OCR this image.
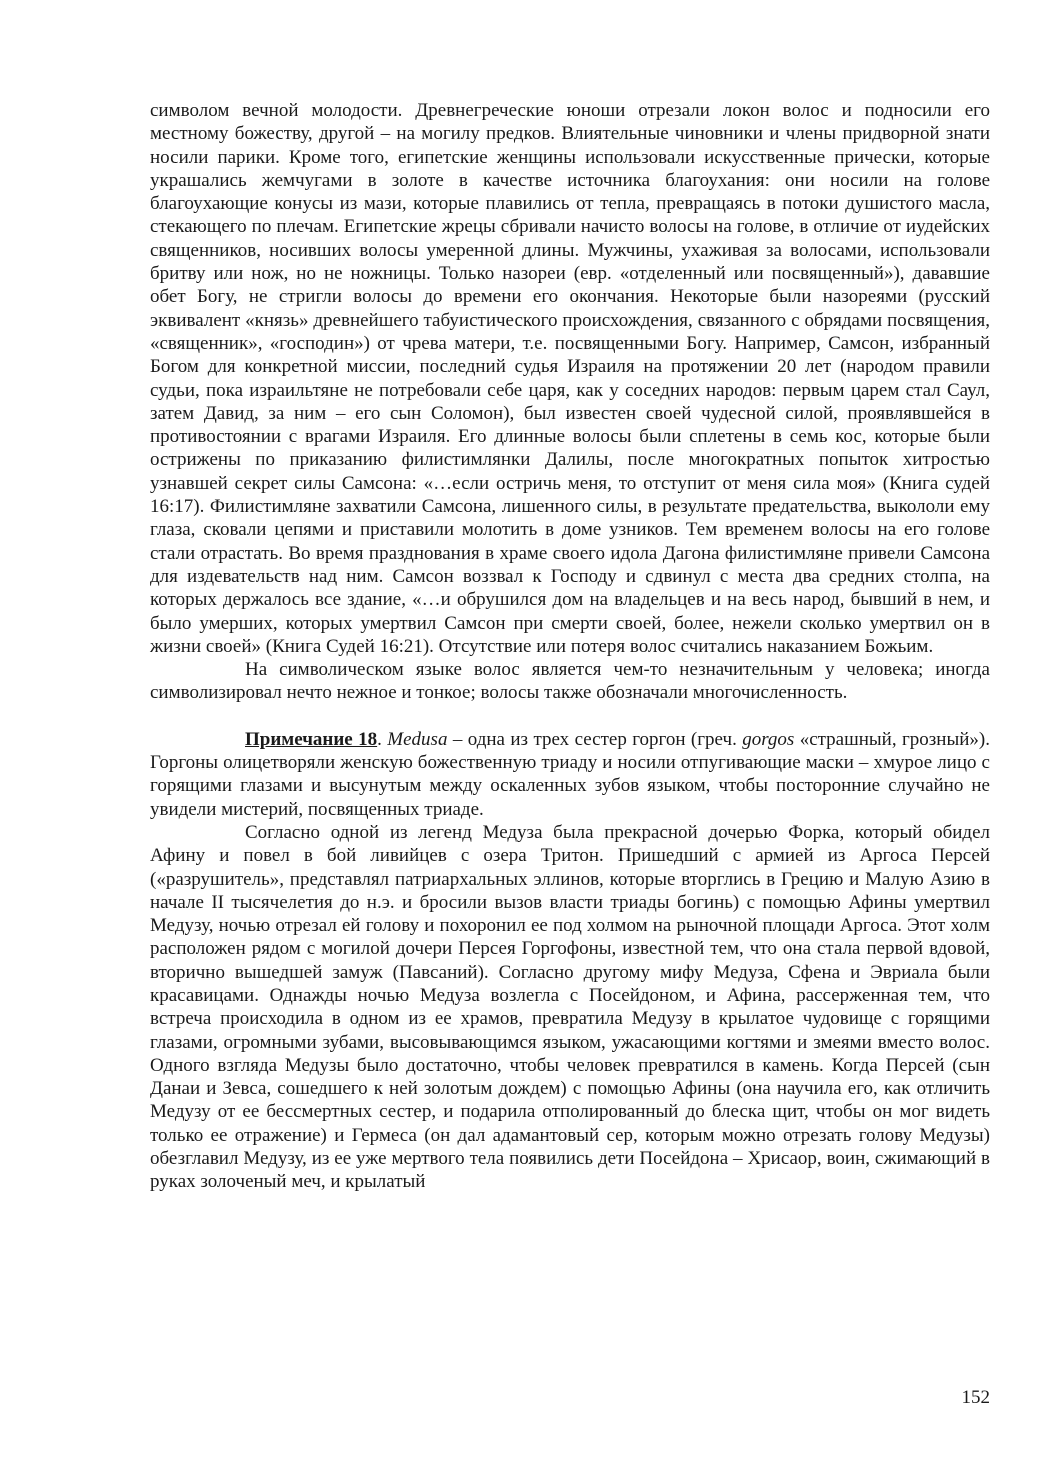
символом вечной молодости. Древнегреческие юноши отрезали локон волос и подносили его местному божеству, другой – на могилу предков. Влиятельные чиновники и члены придворной знати носили парики. Кроме того, египетские женщины использовали искусственные прически, которые украшались жемчугами в золоте в качестве источника благоухания: они носили на голове благоухающие конусы из мази, которые плавились от тепла, превращаясь в потоки душистого масла, стекающего по плечам. Египетские жрецы сбривали начисто волосы на голове, в отличие от иудейских священников, носивших волосы умеренной длины. Мужчины, ухаживая за волосами, использовали бритву или нож, но не ножницы. Только назореи (евр. «отделенный или посвященный»), дававшие обет Богу, не стригли волосы до времени его окончания. Некоторые были назореями (русский эквивалент «князь» древнейшего табуистического происхождения, связанного с обрядами посвящения, «священник», «господин») от чрева матери, т.е. посвященными Богу. Например, Самсон, избранный Богом для конкретной миссии, последний судья Израиля на протяжении 20 лет (народом правили судьи, пока израильтяне не потребовали себе царя, как у соседних народов: первым царем стал Саул, затем Давид, за ним – его сын Соломон), был известен своей чудесной силой, проявлявшейся в противостоянии с врагами Израиля. Его длинные волосы были сплетены в семь кос, которые были острижены по приказанию филистимлянки Далилы, после многократных попыток хитростью узнавшей секрет силы Самсона: «…если остричь меня, то отступит от меня сила моя» (Книга судей 16:17). Филистимляне захватили Самсона, лишенного силы, в результате предательства, выкололи ему глаза, сковали цепями и приставили молотить в доме узников. Тем временем волосы на его голове стали отрастать. Во время празднования в храме своего идола Дагона филистимляне привели Самсона для издевательств над ним. Самсон воззвал к Господу и сдвинул с места два средних столпа, на которых держалось все здание, «…и обрушился дом на владельцев и на весь народ, бывший в нем, и было умерших, которых умертвил Самсон при смерти своей, более, нежели сколько умертвил он в жизни своей» (Книга Судей 16:21). Отсутствие или потеря волос считались наказанием Божьим.

На символическом языке волос является чем-то незначительным у человека; иногда символизировал нечто нежное и тонкое; волосы также обозначали многочисленность.

Примечание 18. Medusa – одна из трех сестер горгон (греч. gorgos «страшный, грозный»). Горгоны олицетворяли женскую божественную триаду и носили отпугивающие маски – хмурое лицо с горящими глазами и высунутым между оскаленных зубов языком, чтобы посторонние случайно не увидели мистерий, посвященных триаде.

Согласно одной из легенд Медуза была прекрасной дочерью Форка, который обидел Афину и повел в бой ливийцев с озера Тритон. Пришедший с армией из Аргоса Персей («разрушитель», представлял патриархальных эллинов, которые вторглись в Грецию и Малую Азию в начале II тысячелетия до н.э. и бросили вызов власти триады богинь) с помощью Афины умертвил Медузу, ночью отрезал ей голову и похоронил ее под холмом на рыночной площади Аргоса. Этот холм расположен рядом с могилой дочери Персея Горгофоны, известной тем, что она стала первой вдовой, вторично вышедшей замуж (Павсаний). Согласно другому мифу Медуза, Сфена и Эвриала были красавицами. Однажды ночью Медуза возлегла с Посейдоном, и Афина, рассерженная тем, что встреча происходила в одном из ее храмов, превратила Медузу в крылатое чудовище с горящими глазами, огромными зубами, высовывающимся языком, ужасающими когтями и змеями вместо волос. Одного взгляда Медузы было достаточно, чтобы человек превратился в камень. Когда Персей (сын Данаи и Зевса, сошедшего к ней золотым дождем) с помощью Афины (она научила его, как отличить Медузу от ее бессмертных сестер, и подарила отполированный до блеска щит, чтобы он мог видеть только ее отражение) и Гермеса (он дал адамантовый сер, которым можно отрезать голову Медузы) обезглавил Медузу, из ее уже мертвого тела появились дети Посейдона – Хрисаор, воин, сжимающий в руках золоченый меч, и крылатый

152
